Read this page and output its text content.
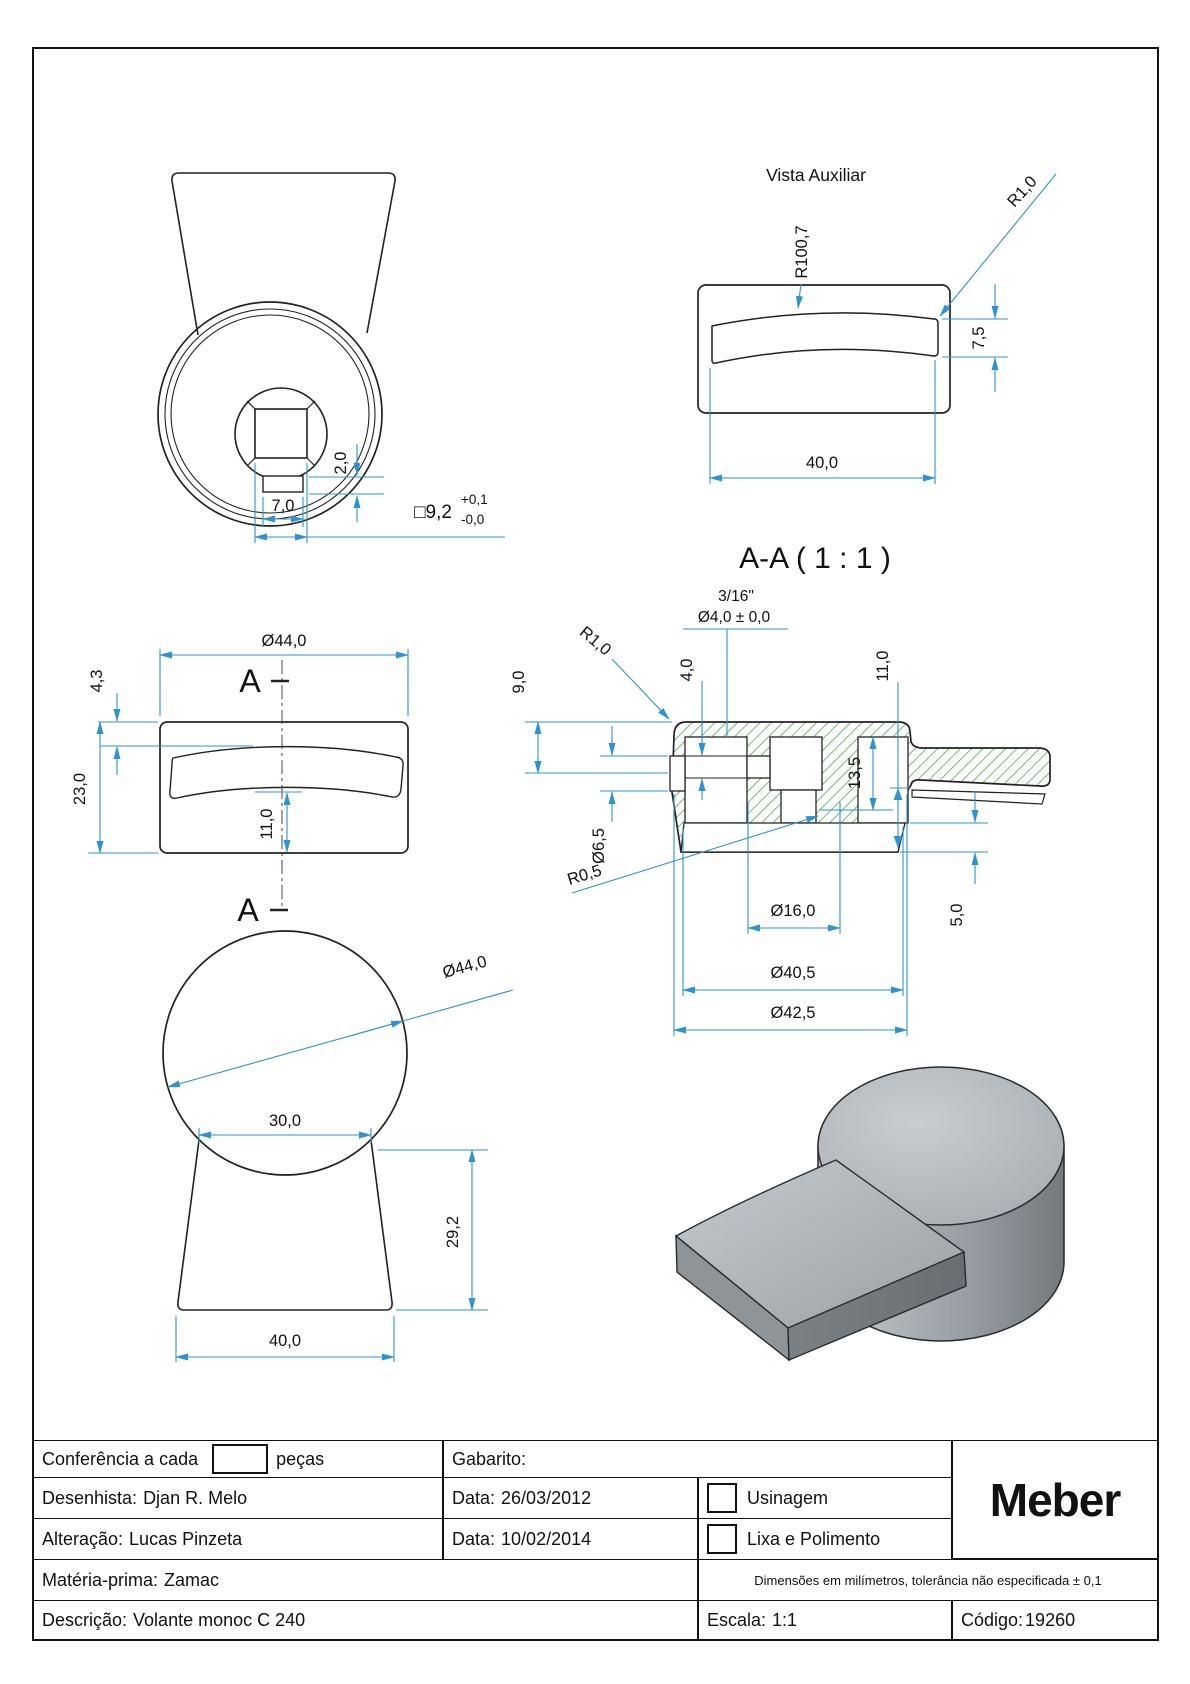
2,0
7,0	□9,2
+0,1
-0,0
Vista Auxiliar
R100,7
R1,0
7,5
40,0
A-A ( 1 : 1 )
3/16"
Ø4,0 ± 0,0
R1,0
9,0
4,0	11,0
13,5
Ø6,5
R0,5
Ø16,0
Ø40,5
Ø42,5
5,0
Ø44,0
4,3
23,0
11,0
A
A
Ø44,0
30,0
29,2
40,0
Conferência a cada	peças	Gabarito:
Meber
Desenhista: Djan R. Melo	Data: 26/03/2012	Usinagem
Alteração: Lucas Pinzeta	Data: 10/02/2014	Lixa e Polimento
Matéria-prima: Zamac	Dimensões em milímetros, tolerância não especificada ± 0,1
Descrição: Volante monoc C 240	Escala: 1:1	Código: 19260
